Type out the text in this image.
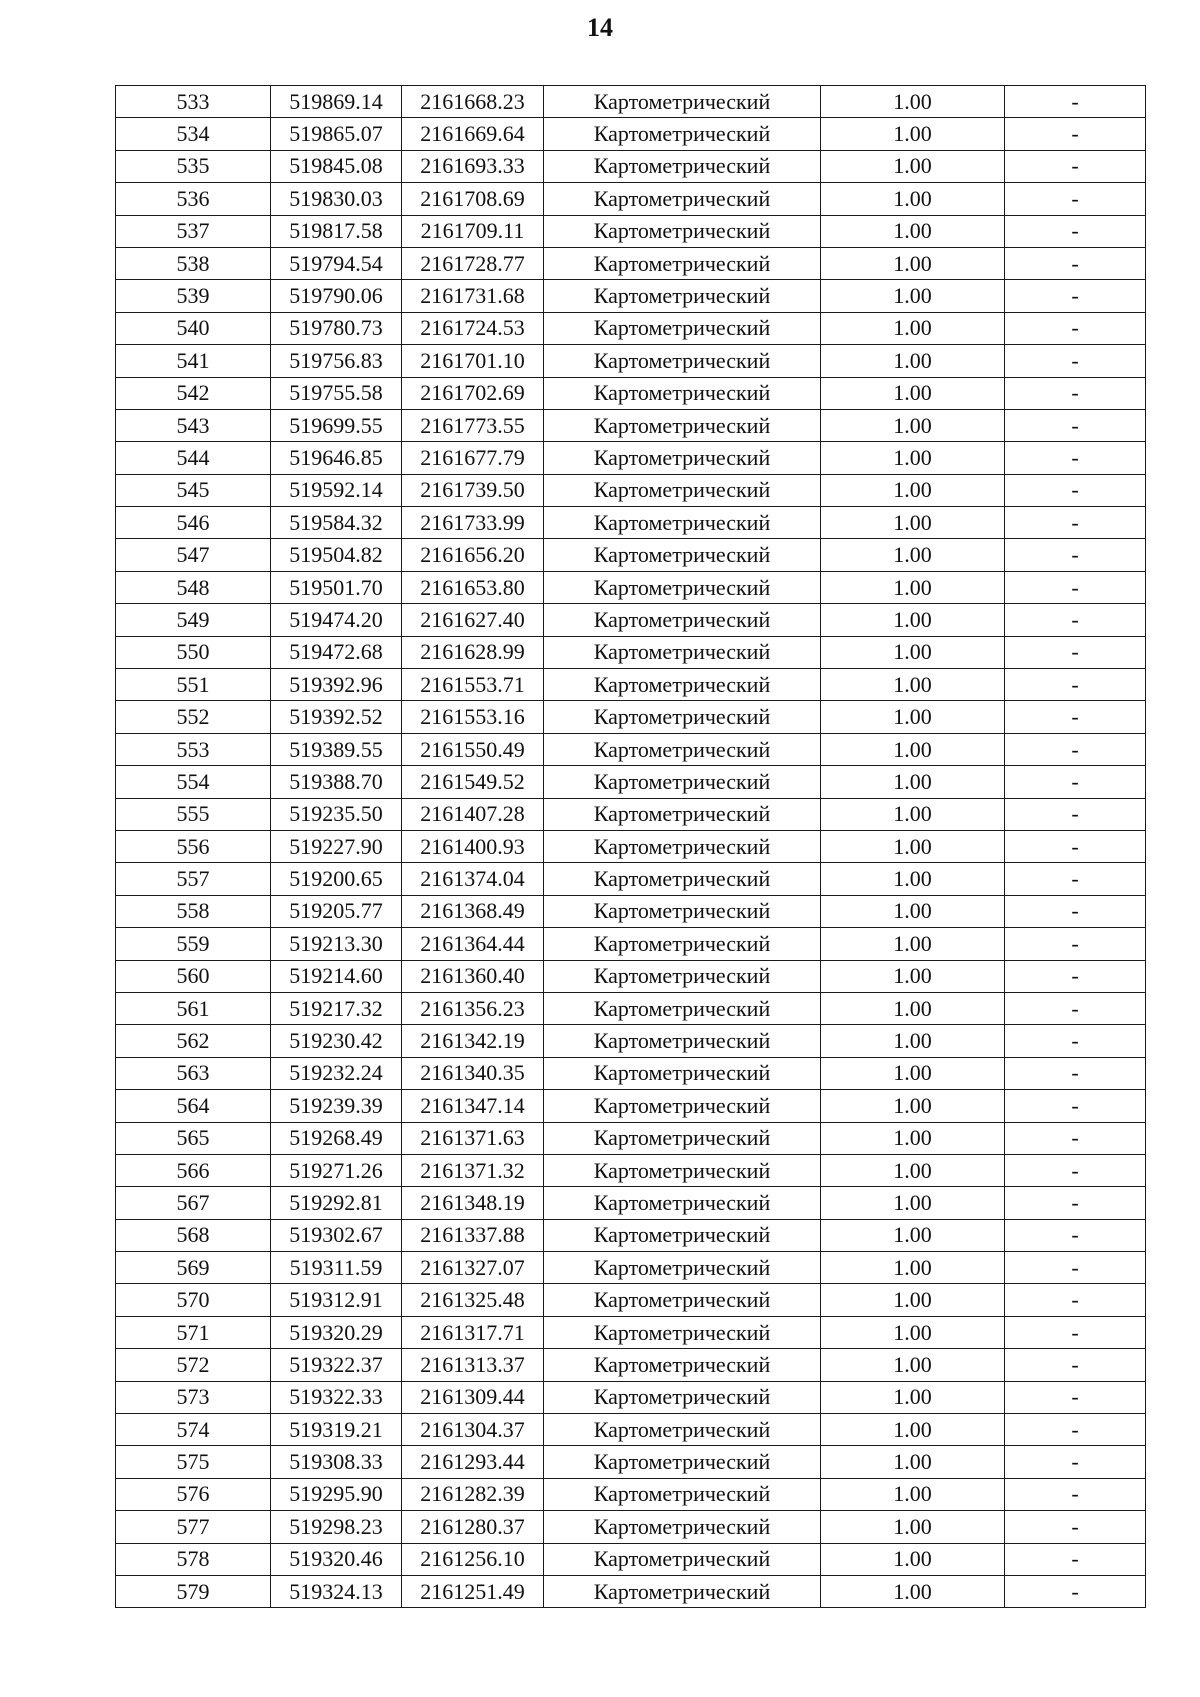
14
533	519869.14	2161668.23	Картометрический	1.00	-
534	519865.07	2161669.64	Картометрический	1.00	-
535	519845.08	2161693.33	Картометрический	1.00	-
536	519830.03	2161708.69	Картометрический	1.00	-
537	519817.58	2161709.11	Картометрический	1.00	-
538	519794.54	2161728.77	Картометрический	1.00	-
539	519790.06	2161731.68	Картометрический	1.00	-
540	519780.73	2161724.53	Картометрический	1.00	-
541	519756.83	2161701.10	Картометрический	1.00	-
542	519755.58	2161702.69	Картометрический	1.00	-
543	519699.55	2161773.55	Картометрический	1.00	-
544	519646.85	2161677.79	Картометрический	1.00	-
545	519592.14	2161739.50	Картометрический	1.00	-
546	519584.32	2161733.99	Картометрический	1.00	-
547	519504.82	2161656.20	Картометрический	1.00	-
548	519501.70	2161653.80	Картометрический	1.00	-
549	519474.20	2161627.40	Картометрический	1.00	-
550	519472.68	2161628.99	Картометрический	1.00	-
551	519392.96	2161553.71	Картометрический	1.00	-
552	519392.52	2161553.16	Картометрический	1.00	-
553	519389.55	2161550.49	Картометрический	1.00	-
554	519388.70	2161549.52	Картометрический	1.00	-
555	519235.50	2161407.28	Картометрический	1.00	-
556	519227.90	2161400.93	Картометрический	1.00	-
557	519200.65	2161374.04	Картометрический	1.00	-
558	519205.77	2161368.49	Картометрический	1.00	-
559	519213.30	2161364.44	Картометрический	1.00	-
560	519214.60	2161360.40	Картометрический	1.00	-
561	519217.32	2161356.23	Картометрический	1.00	-
562	519230.42	2161342.19	Картометрический	1.00	-
563	519232.24	2161340.35	Картометрический	1.00	-
564	519239.39	2161347.14	Картометрический	1.00	-
565	519268.49	2161371.63	Картометрический	1.00	-
566	519271.26	2161371.32	Картометрический	1.00	-
567	519292.81	2161348.19	Картометрический	1.00	-
568	519302.67	2161337.88	Картометрический	1.00	-
569	519311.59	2161327.07	Картометрический	1.00	-
570	519312.91	2161325.48	Картометрический	1.00	-
571	519320.29	2161317.71	Картометрический	1.00	-
572	519322.37	2161313.37	Картометрический	1.00	-
573	519322.33	2161309.44	Картометрический	1.00	-
574	519319.21	2161304.37	Картометрический	1.00	-
575	519308.33	2161293.44	Картометрический	1.00	-
576	519295.90	2161282.39	Картометрический	1.00	-
577	519298.23	2161280.37	Картометрический	1.00	-
578	519320.46	2161256.10	Картометрический	1.00	-
579	519324.13	2161251.49	Картометрический	1.00	-
